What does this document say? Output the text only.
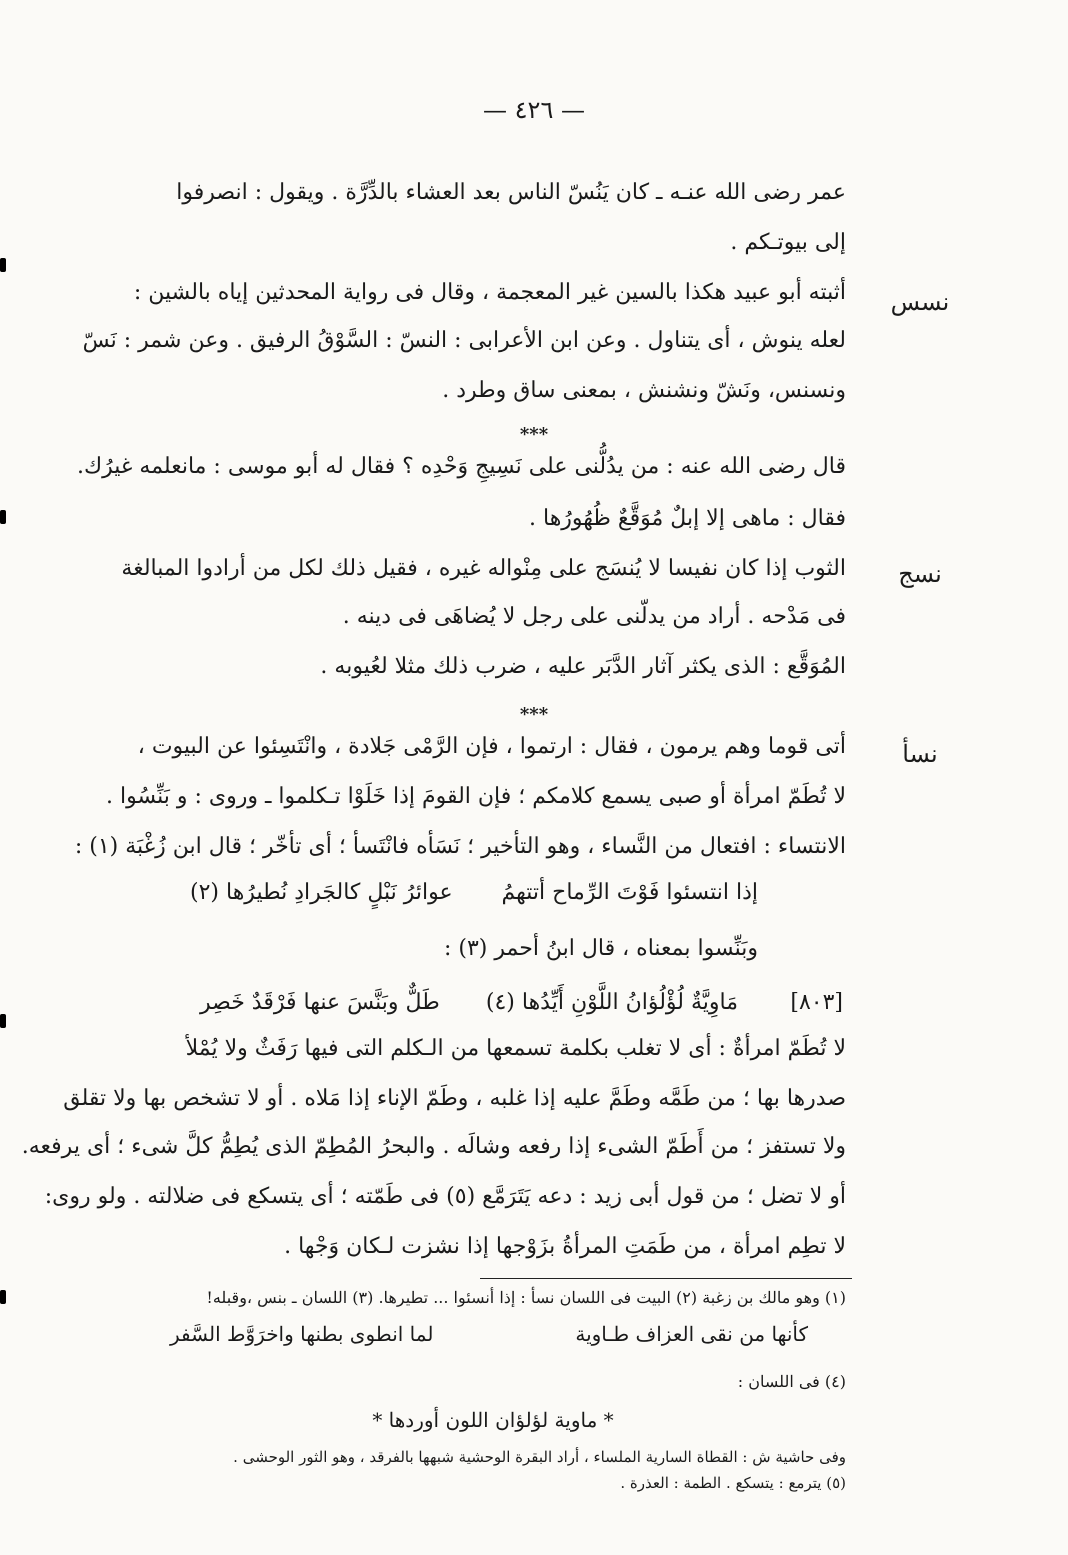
— ٤٢٦ —
عمر رضى الله عنـه ـ كان يَنُسّ الناس بعد العشاء بالدِّرَّة . ويقول : انصرفوا
إلى بيوتـكم .
نسس
أثبته أبو عبيد هكذا بالسين غير المعجمة ، وقال فى رواية المحدثين إياه بالشين :
لعله ينوش ، أى يتناول . وعن ابن الأعرابى : النسّ : السَّوْقُ الرفيق . وعن شمر : نَسّ
ونسنس، ونَشّ ونشنش ، بمعنى ساق وطرد .
***
قال رضى الله عنه : من يدُلُّنى على نَسِيجِ وَحْدِه ؟ فقال له أبو موسى : مانعلمه غيرُك.
فقال : ماهى إلا إبلٌ مُوَقَّعٌ ظُهُورُها .
نسج
الثوب إذا كان نفيسا لا يُنسَج على مِنْواله غيره ، فقيل ذلك لكل من أرادوا المبالغة
فى مَدْحه . أراد من يدلّنى على رجل لا يُضاهَى فى دينه .
المُوَقَّع : الذى يكثر آثار الدَّبَر عليه ، ضرب ذلك مثلا لعُيوبه .
***
نسأ
أتى قوما وهم يرمون ، فقال : ارتموا ، فإن الرَّمْى جَلادة ، وانْتَسِئوا عن البيوت ،
لا تُطَمّ امرأة أو صبى يسمع كلامكم ؛ فإن القومَ إذا خَلَوْا تـكلموا ـ وروى : و بَنِّسُوا .
الانتساء : افتعال من النَّساء ، وهو التأخير ؛ نَسَأه فانْتَسأ ؛ أى تأخّر ؛ قال ابن زُغْبَة (١) :
إذا انتسئوا فَوْتَ الرِّماح أتتهمُ
عوائرُ نَبْلٍ كالجَرادِ نُطيرُها (٢)
وبَنِّسوا بمعناه ، قال ابنُ أحمر (٣) :
[٨٠٣]
مَاوِيَّةٌ لُؤْلُؤانُ اللَّوْنِ أَيِّدُها (٤)
طَلٌّ وبَنَّسَ عنها فَرْقَدٌ خَصِر
لا تُطَمّ امرأةٌ : أى لا تغلب بكلمة تسمعها من الـكلم التى فيها رَفَثٌ ولا يُمْلأ
صدرها بها ؛ من طَمَّه وطَمَّ عليه إذا غلبه ، وطَمّ الإناء إذا مَلاه . أو لا تشخص بها ولا تقلق
ولا تستفز ؛ من أَطَمّ الشىء إذا رفعه وشالَه . والبحرُ المُطِمّ الذى يُطِمُّ كلَّ شىء ؛ أى يرفعه.
أو لا تضل ؛ من قول أبى زيد : دعه يَتَرَمَّع (٥) فى طَمّته ؛ أى يتسكع فى ضلالته . ولو روى:
لا تطِم امرأة ، من طَمَتِ المرأةُ بزَوْجها إذا نشزت لـكان وَجْها .
(١) وهو مالك بن زغبة (٢) البيت فى اللسان نسأ : إذا أنسئوا ... تطيرها. (٣) اللسان ـ بنس ،وقبله!
كأنها من نقى العزاف طـاوية
لما انطوى بطنها واخرَوَّط السَّفر
(٤) فى اللسان :
* ماوية لؤلؤان اللون أوردها *
وفى حاشية ش : القطاة السارية الملساء ، أراد البقرة الوحشية شبهها بالفرقد ، وهو الثور الوحشى .
(٥) يترمع : يتسكع . الطمة : العذرة .
